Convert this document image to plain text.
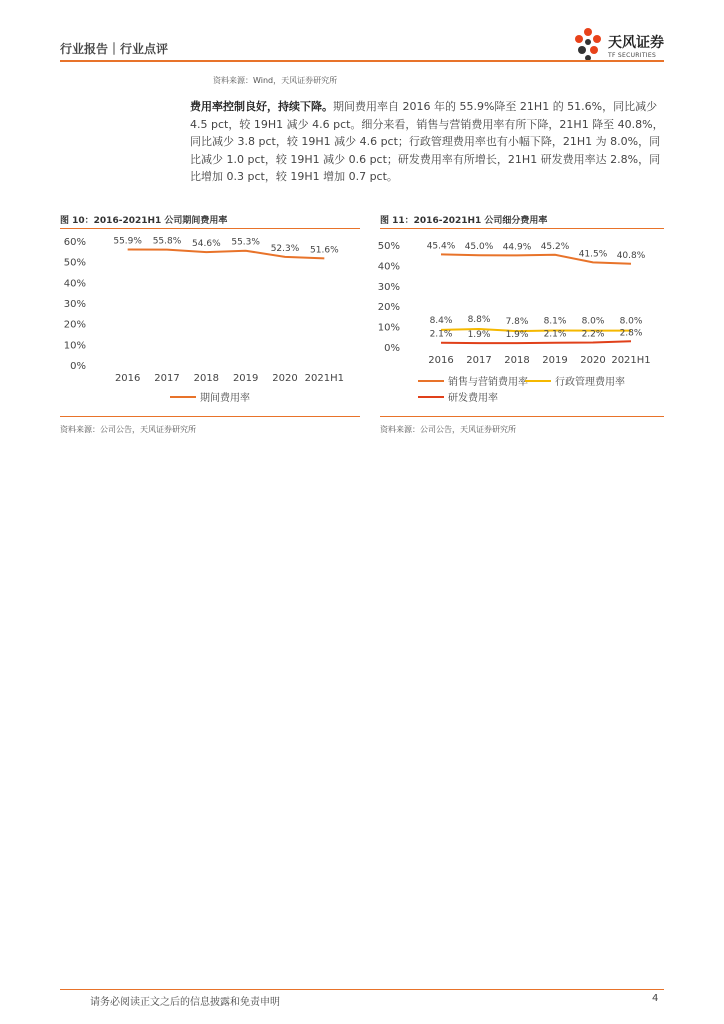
行业报告｜行业点评	天风证券
TF SECURITIES
资料来源：Wind，天风证券研究所

费用率控制良好，持续下降。期间费用率自 2016 年的 55.9%降至 21H1 的 51.6%，同比减少 4.5 pct，较 19H1 减少 4.6 pct。细分来看，销售与营销费用率有所下降，21H1 降至 40.8%，同比减少 3.8 pct，较 19H1 减少 4.6 pct；行政管理费用率也有小幅下降，21H1 为 8.0%，同比减少 1.0 pct，较 19H1 减少 0.6 pct；研发费用率有所增长，21H1 研发费用率达 2.8%，同比增加 0.3 pct，较 19H1 增加 0.7 pct。

图 10：2016-2021H1 公司期间费用率
0%
10%
20%
30%
40%
50%
60%
2016 2017 2018 2019 2020 2021H1
55.9% 55.8% 54.6% 55.3%
52.3% 51.6%
期间费用率
资料来源：公司公告，天风证券研究所
图 11：2016-2021H1 公司细分费用率
0%
10%
20%
30%
40%
50%
2016 2017 2018 2019 2020 2021H1
45.4% 45.0% 44.9% 45.2%
41.5% 40.8%
8.4% 8.8% 7.8% 8.1% 8.0% 8.0%
2.1% 1.9% 1.9% 2.1% 2.2% 2.8%
销售与营销费用率	行政管理费用率
研发费用率
资料来源：公司公告，天风证券研究所
请务必阅读正文之后的信息披露和免责申明	4
